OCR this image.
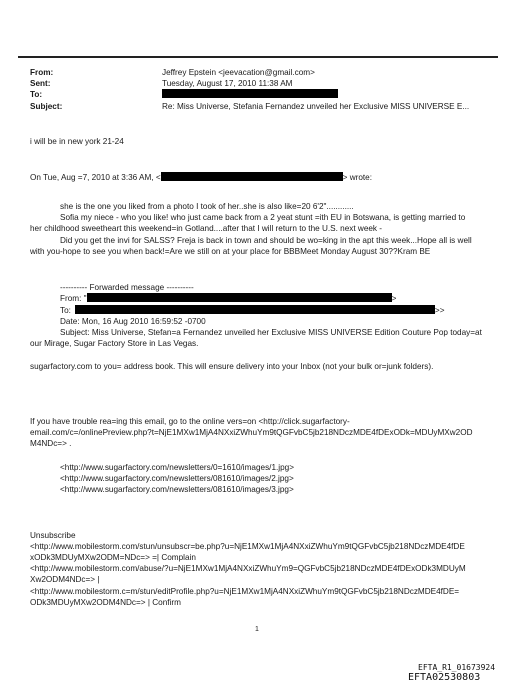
From:	Jeffrey Epstein <jeevacation@gmail.com>
Sent:	Tuesday, August 17, 2010 11:38 AM
To:
Subject:	Re: Miss Universe, Stefania Fernandez unveiled her Exclusive MISS UNIVERSE E...
i will be in new york 21-24
On Tue, Aug =7, 2010 at 3:36 AM, <	> wrote:
she is the one you liked from a photo I took of her..she is also like=20 6'2"............
Sofia my niece - who you like! who just came back from a 2 yeat stunt =ith EU in Botswana, is getting married to
her childhood sweetheart this weekend=in Gotland....after that I will return to the U.S. next week -
Did you get the invi for SALSS? Freja is back in town and should be wo=king in the apt this week...Hope all is well
with you-hope to see you when back!=Are we still on at your place for BBBMeet Monday August 30??Kram BE
---------- Forwarded message ----------
From: "	>
To:	>>
Date: Mon, 16 Aug 2010 16:59:52 -0700
Subject: Miss Universe, Stefan=a Fernandez unveiled her Exclusive MISS UNIVERSE Edition Couture Pop today=at
our Mirage, Sugar Factory Store in Las Vegas.
sugarfactory.com to you= address book. This will ensure delivery into your Inbox (not your bulk or=junk folders).
If you have trouble rea=ing this email, go to the online vers=on <http://click.sugarfactory-
email.com/c=/onlinePreview.php?t=NjE1MXw1MjA4NXxiZWhuYm9tQGFvbC5jb218NDczMDE4fDExODk=MDUyMXw2OD
M4NDc=> .
<http://www.sugarfactory.com/newsletters/0=1610/images/1.jpg>
<http://www.sugarfactory.com/newsletters/081610/images/2.jpg>
<http://www.sugarfactory.com/newsletters/081610/images/3.jpg>
Unsubscribe
<http://www.mobilestorm.com/stun/unsubscr=be.php?u=NjE1MXw1MjA4NXxiZWhuYm9tQGFvbC5jb218NDczMDE4fDE
xODk3MDUyMXw2ODM=NDc=> =| Complain
<http://www.mobilestorm.com/abuse/?u=NjE1MXw1MjA4NXxiZWhuYm9=QGFvbC5jb218NDczMDE4fDExODk3MDUyM
Xw2ODM4NDc=> |
<http://www.mobilestorm.c=m/stun/editProfile.php?u=NjE1MXw1MjA4NXxiZWhuYm9tQGFvbC5jb218NDczMDE4fDE=
ODk3MDUyMXw2ODM4NDc=> | Confirm
1
EFTA_R1_01673924
EFTA02530803
